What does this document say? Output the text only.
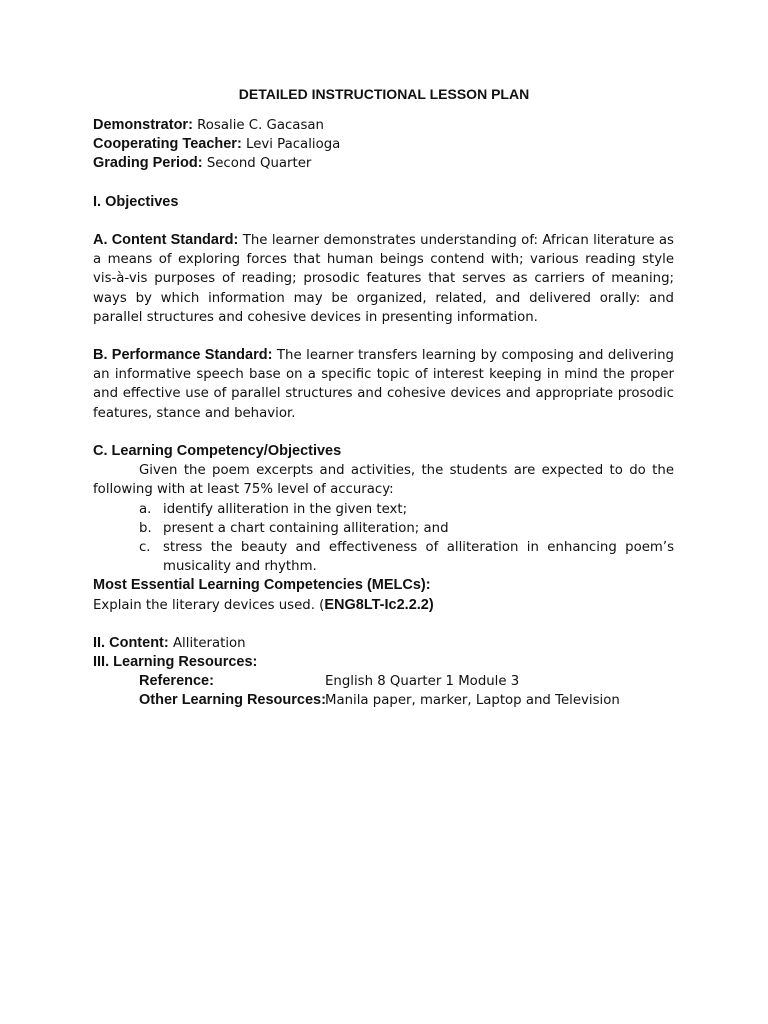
DETAILED INSTRUCTIONAL LESSON PLAN
Demonstrator: Rosalie C. Gacasan
Cooperating Teacher: Levi Pacalioga
Grading Period: Second Quarter
I. Objectives
A. Content Standard: The learner demonstrates understanding of: African literature as a means of exploring forces that human beings contend with; various reading style vis-à-vis purposes of reading; prosodic features that serves as carriers of meaning; ways by which information may be organized, related, and delivered orally: and parallel structures and cohesive devices in presenting information.
B. Performance Standard: The learner transfers learning by composing and delivering an informative speech base on a specific topic of interest keeping in mind the proper and effective use of parallel structures and cohesive devices and appropriate prosodic features, stance and behavior.
C. Learning Competency/Objectives
Given the poem excerpts and activities, the students are expected to do the following with at least 75% level of accuracy:
a. identify alliteration in the given text;
b. present a chart containing alliteration; and
c. stress the beauty and effectiveness of alliteration in enhancing poem’s musicality and rhythm.
Most Essential Learning Competencies (MELCs):
Explain the literary devices used. (ENG8LT-Ic2.2.2)
II. Content: Alliteration
III. Learning Resources:
Reference:	English 8 Quarter 1 Module 3
Other Learning Resources:Manila paper, marker, Laptop and Television
